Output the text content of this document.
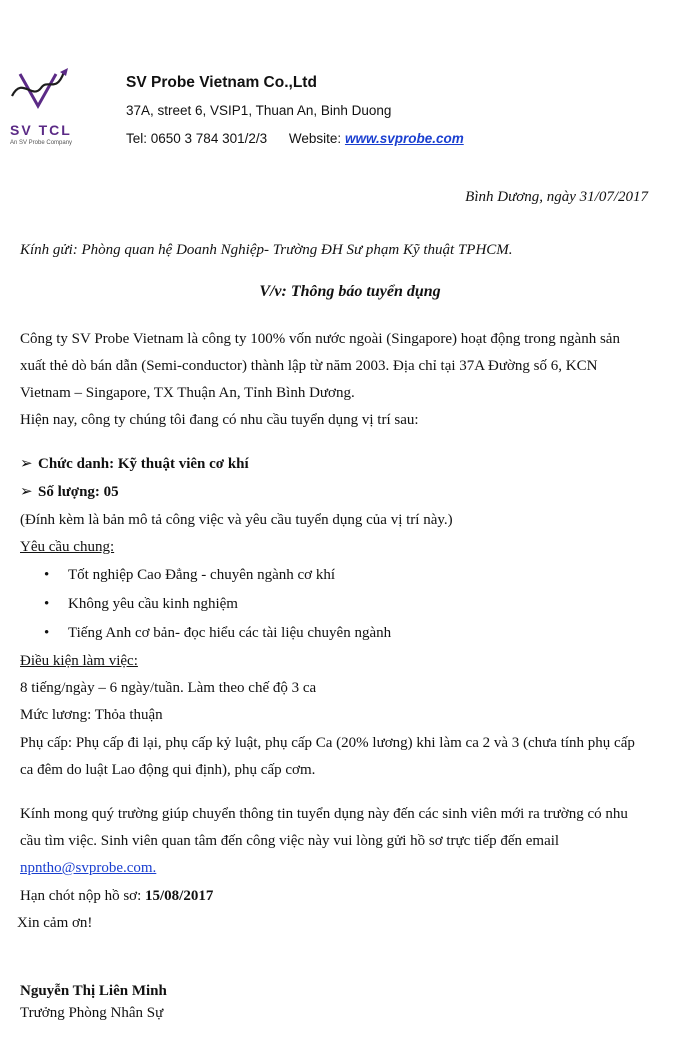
SV TCL
An SV Probe Company
SV Probe Vietnam Co.,Ltd
37A, street 6, VSIP1, Thuan An, Binh Duong
Tel: 0650 3 784 301/2/3 Website: www.svprobe.com
Bình Dương, ngày 31/07/2017
Kính gửi: Phòng quan hệ Doanh Nghiệp- Trường ĐH Sư phạm Kỹ thuật TPHCM.
V/v: Thông báo tuyển dụng
Công ty SV Probe Vietnam là công ty 100% vốn nước ngoài (Singapore) hoạt động trong ngành sản
xuất thẻ dò bán dẫn (Semi-conductor) thành lập từ năm 2003. Địa chỉ tại 37A Đường số 6, KCN
Vietnam – Singapore, TX Thuận An, Tỉnh Bình Dương.
Hiện nay, công ty chúng tôi đang có nhu cầu tuyển dụng vị trí sau:
➢ Chức danh: Kỹ thuật viên cơ khí
➢ Số lượng: 05
(Đính kèm là bản mô tả công việc và yêu cầu tuyển dụng của vị trí này.)
Yêu cầu chung:
• Tốt nghiệp Cao Đẳng - chuyên ngành cơ khí
• Không yêu cầu kinh nghiệm
• Tiếng Anh cơ bản- đọc hiểu các tài liệu chuyên ngành
Điều kiện làm việc:
8 tiếng/ngày – 6 ngày/tuần. Làm theo chế độ 3 ca
Mức lương: Thỏa thuận
Phụ cấp: Phụ cấp đi lại, phụ cấp kỷ luật, phụ cấp Ca (20% lương) khi làm ca 2 và 3 (chưa tính phụ cấp
ca đêm do luật Lao động qui định), phụ cấp cơm.
Kính mong quý trường giúp chuyển thông tin tuyển dụng này đến các sinh viên mới ra trường có nhu
cầu tìm việc. Sinh viên quan tâm đến công việc này vui lòng gửi hồ sơ trực tiếp đến email
npntho@svprobe.com.
Hạn chót nộp hồ sơ: 15/08/2017
Xin cảm ơn!
Nguyễn Thị Liên Minh
Trưởng Phòng Nhân Sự
